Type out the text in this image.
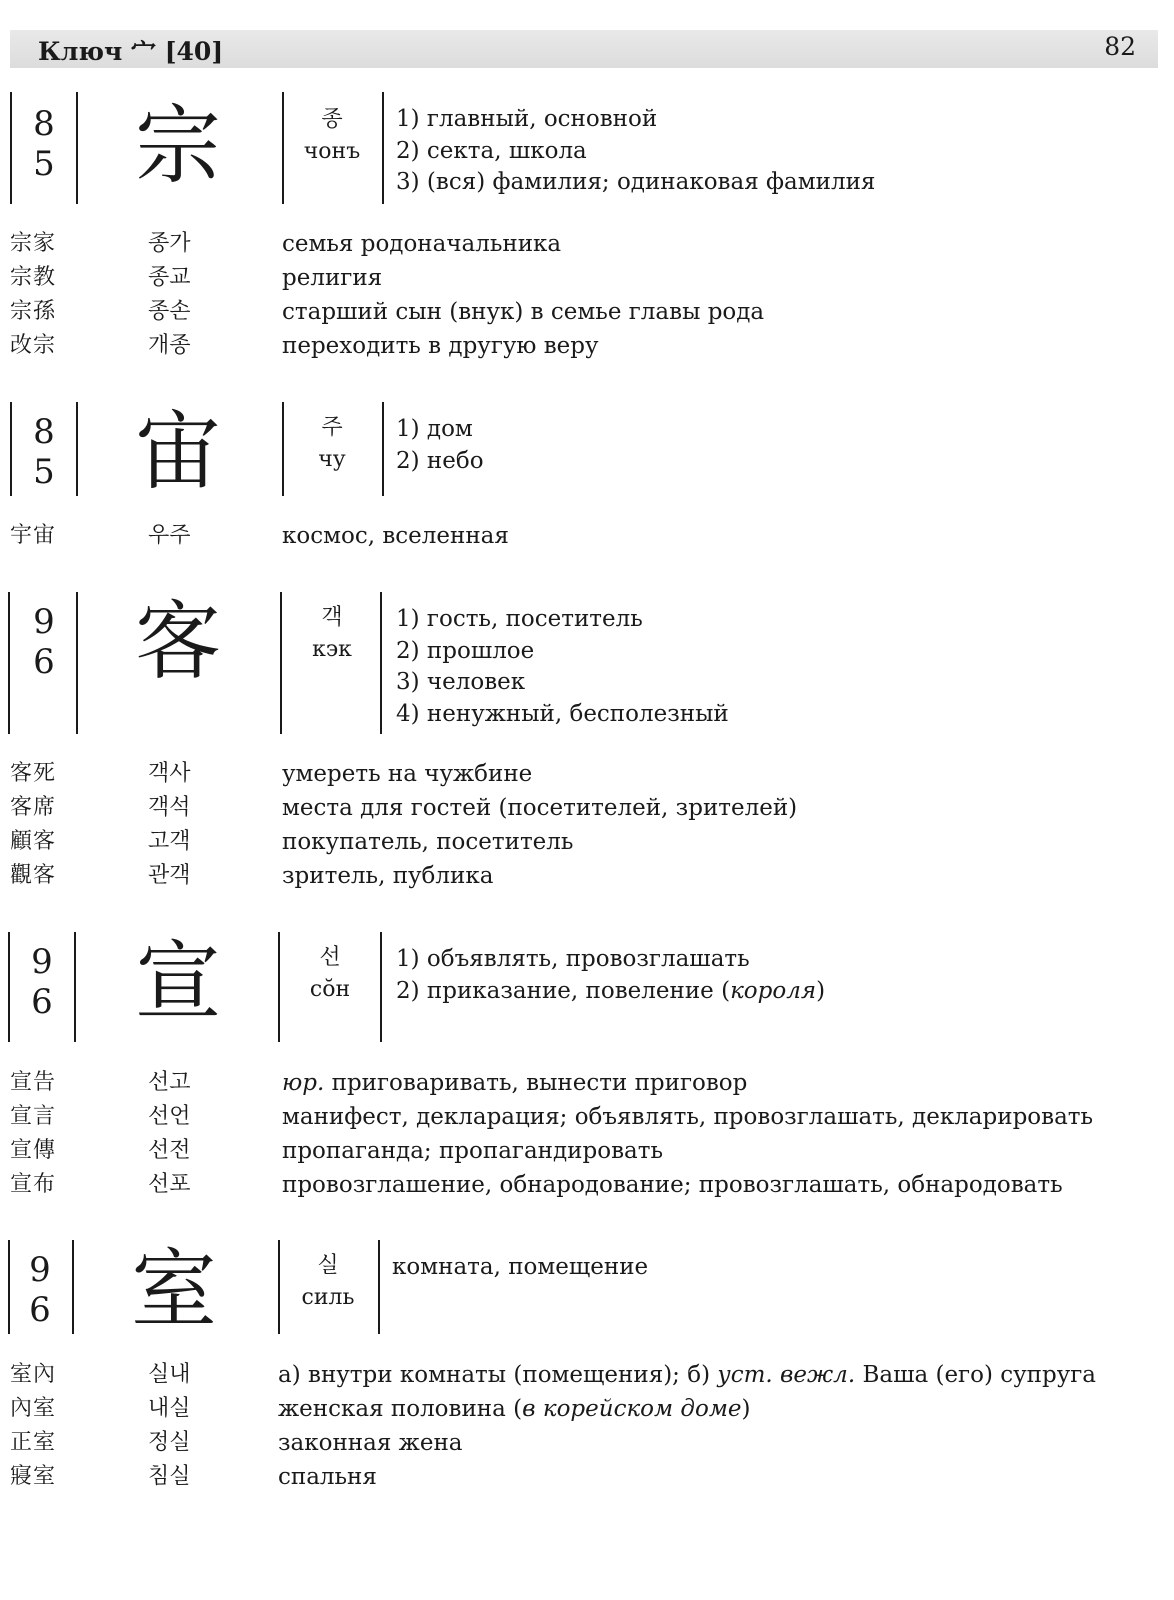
Ключ 宀 [40]	82
8
5 宗	종
чонъ
1) главный, основной
2) секта, школа
3) (вся) фамилия; одинаковая фамилия
宗家	종가	семья родоначальника
宗教	종교	религия
宗孫	종손	старший сын (внук) в семье главы рода
改宗	개종	переходить в другую веру
8
5 宙	주
чу
1) дом
2) небо
宇宙	우주	космос, вселенная
9
6 客	객
кэк
1) гость, посетитель
2) прошлое
3) человек
4) ненужный, бесполезный
客死	객사	умереть на чужбине
客席	객석	места для гостей (посетителей, зрителей)
顧客	고객	покупатель, посетитель
觀客	관객	зритель, публика
9
6 宣	선
сŏн
1) объявлять, провозглашать
2) приказание, повеление (короля)
宣告	선고	юр. приговаривать, вынести приговор
宣言	선언	манифест, декларация; объявлять, провозглашать, декларировать
宣傳	선전	пропаганда; пропагандировать
宣布	선포	провозглашение, обнародование; провозглашать, обнародовать
9
6 室	실
силь
комната, помещение
室內	실내	а) внутри комнаты (помещения); б) уст. вежл. Ваша (его) супруга
內室	내실	женская половина (в корейском доме)
正室	정실	законная жена
寢室	침실	спальня
